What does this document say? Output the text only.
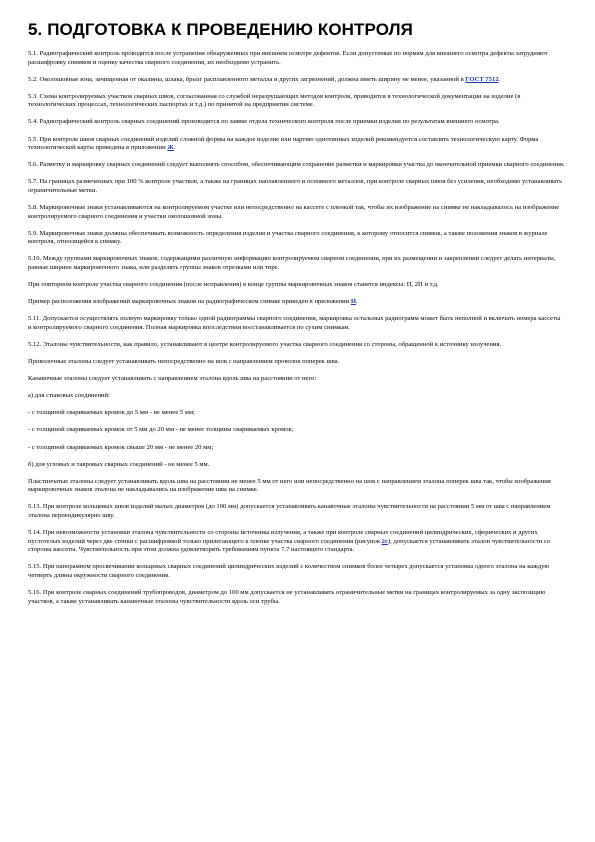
5. ПОДГОТОВКА К ПРОВЕДЕНИЮ КОНТРОЛЯ

5.1. Радиографический контроль проводится после устранения обнаруженных при внешнем осмотре дефектов. Если допустимые по нормам для внешнего осмотра дефекты затрудняют расшифровку снимков и оценку качества сварного соединения, их необходимо устранить.

5.2. Околошовная зона, зачищенная от окалины, шлака, брызг расплавленного металла и других загрязнений, должна иметь ширину не менее, указанной в ГОСТ 7512.

5.3. Схема контролируемых участков сварных швов, согласованная со службой неразрушающих методов контроля, приводится в технологической документации на изделие (в технологических процессах, технологических паспортах и т.д.) по принятой на предприятии системе.

5.4. Радиографический контроль сварных соединений производится по заявке отдела технического контроля после приемки изделия по результатам внешнего осмотра.

5.5. При контроле швов сварных соединений изделий сложной формы на каждое изделие или партию однотипных изделий рекомендуется составлять технологическую карту. Форма технологической карты приведена в приложении Ж.

5.6. Разметку и маркировку сварных соединений следует выполнять способом, обеспечивающим сохранение разметки и маркировки участка до окончательной приемки сварного соединения.

5.7. На границах размеченных при 100 % контроле участков, а также на границах наплавленного и основного металлов, при контроле сварных швов без усиления, необходимо устанавливать ограничительные метки.

5.8. Маркировочные знаки устанавливаются на контролируемом участке или непосредственно на кассете с пленкой так, чтобы их изображение на снимке не накладывалось на изображение контролируемого сварного соединения и участки околошовной зоны.

5.9. Маркировочные знаки должны обеспечивать возможность определения изделия и участка сварного соединения, к которому относится снимок, а также положения знаков в журнале контроля, относящейся к снимку.

5.10. Между группами маркировочных знаков, содержащими различную информацию контролируемом сварном соединении, при их размещении и закреплении следует делать интервалы, равные ширине маркировочного знака, или разделять группы знаков отрезками или тире.

При повторном контроле участка сварного соединения (после исправления) в конце группы маркировочных знаков ставятся индексы: П, 2П и т.д.

Пример расположения изображений маркировочных знаков на радиографическом снимке приведен в приложении И.

5.11. Допускается осуществлять полную маркировку только одной радиограммы сварного соединения, маркировка остальных радиограмм может быть неполной и включать номера кассеты и контролируемого сварного соединения. Полная маркировка впоследствии восстанавливается по сухим снимкам.

5.12. Эталоны чувствительности, как правило, устанавливают в центре контролируемого участка сварного соединения со стороны, обращенной к источнику излучения.

Проволочные эталоны следует устанавливать непосредственно на шов с направлением проволок поперек шва.

Канавочные эталоны следует устанавливать с направлением эталона вдоль шва на расстоянии от него:

а) для стыковых соединений:

- с толщиной свариваемых кромок до 5 мм - не менее 5 мм;

- с толщиной свариваемых кромок от 5 мм до 20 мм - не менее толщины свариваемых кромок;

- с толщиной свариваемых кромок свыше 20 мм - не менее 20 мм;

б) для угловых и тавровых сварных соединений - не менее 5 мм.

Пластинчатые эталоны следует устанавливать вдоль шва на расстоянии не менее 5 мм от него или непосредственно на шов с направлением эталона поперек шва так, чтобы изображения маркировочных знаков эталона не накладывались на изображение шва на снимке.

5.13. При контроле кольцевых швов изделий малых диаметров (до 100 мм) допускается устанавливать канавочные эталоны чувствительности на расстоянии 5 мм от шва с направлением эталона перпендикулярно шву.

5.14. При невозможности установки эталона чувствительности со стороны источника излучения, а также при контроле сварных соединений цилиндрических, сферических и других пустотелых изделий через две стенки с расшифровкой только прилегающего к пленке участка сварного соединения (рисунок 2г), допускается устанавливать эталон чувствительности со стороны кассеты. Чувствительность при этом должна удовлетворять требованиям пункта 7.7 настоящего стандарта.

5.15. При панорамном просвечивании кольцевых сварных соединений цилиндрических изделий с количеством снимков более четырех допускается установка одного эталона на каждую четверть длины окружности сварного соединения.

5.16. При контроле сварных соединений трубопроводов, диаметром до 100 мм допускается не устанавливать ограничительные метки на границах контролируемых за одну экспозицию участков, а также устанавливать канавочные эталоны чувствительности вдоль оси трубы.
